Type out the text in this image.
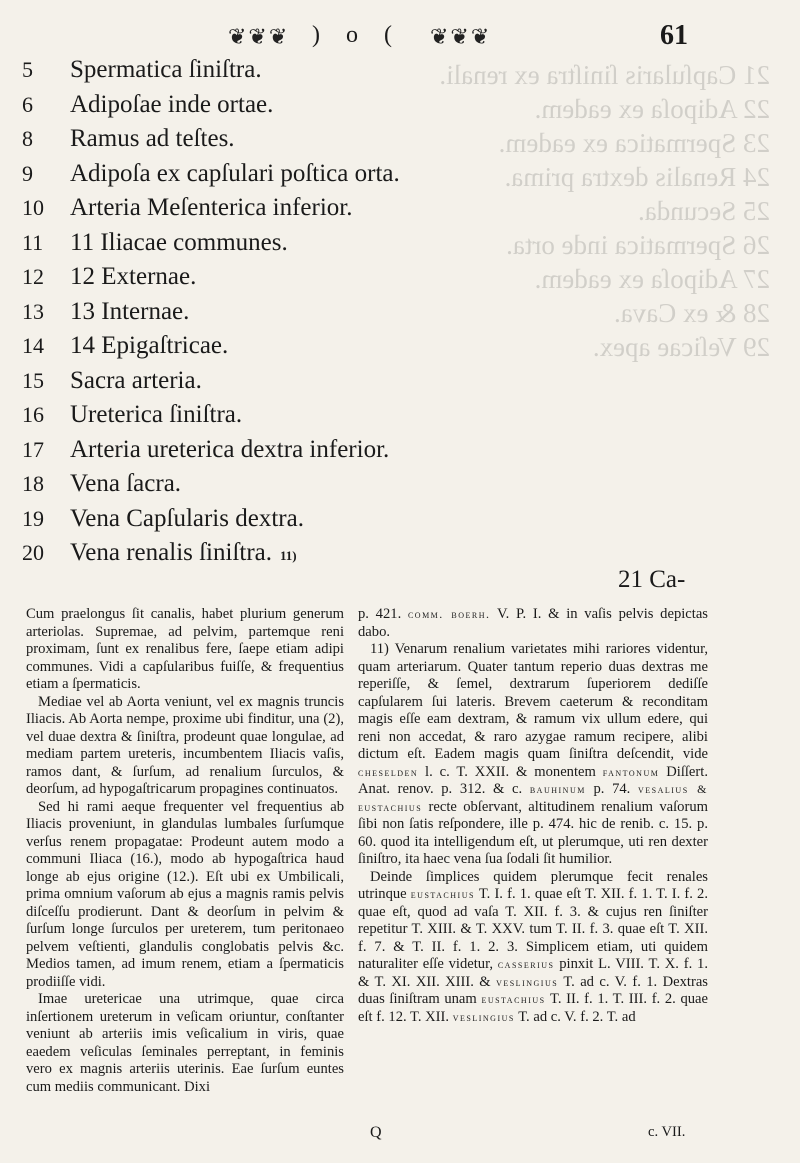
21 Capſularis ſiniſtra ex renali.
22 Adipoſa ex eadem.
23 Spermatica ex eadem.
24 Renalis dextra prima.
25 Secunda.
26 Spermatica inde orta.
27 Adipoſa ex eadem.
28 & ex Cava.
29 Veſicae apex.
❦❦❦ ) o ( ❦❦❦	61
5	Spermatica ſiniſtra.
6	Adipoſae inde ortae.
8	Ramus ad teſtes.
9	Adipoſa ex capſulari poſtica orta.
10	Arteria Meſenterica inferior.
11	11 Iliacae communes.
12	12 Externae.
13	13 Internae.
14	14 Epigaſtricae.
15	Sacra arteria.
16	Ureterica ſiniſtra.
17	Arteria ureterica dextra inferior.
18	Vena ſacra.
19	Vena Capſularis dextra.
20	Vena renalis ſiniſtra. 11)
21 Ca-

Cum praelongus ſit canalis, habet plurium generum arteriolas. Supremae, ad pelvim, partemque reni proximam, ſunt ex renalibus fere, ſaepe etiam adipi communes. Vidi a capſularibus fuiſſe, & frequentius etiam a ſpermaticis.

Mediae vel ab Aorta veniunt, vel ex magnis truncis Iliacis. Ab Aorta nempe, proxime ubi finditur, una (2), vel duae dextra & ſiniſtra, prodeunt quae longulae, ad mediam partem ureteris, incumbentem Iliacis vaſis, ramos dant, & ſurſum, ad renalium ſurculos, & deorſum, ad hypogaſtricarum propagines continuatos.

Sed hi rami aeque frequenter vel frequentius ab Iliacis proveniunt, in glandulas lumbales ſurſumque verſus renem propagatae: Prodeunt autem modo a communi Iliaca (16.), modo ab hypogaſtrica haud longe ab ejus origine (12.). Eſt ubi ex Umbilicali, prima omnium vaſorum ab ejus a magnis ramis pelvis diſceſſu prodierunt. Dant & deorſum in pelvim & ſurſum longe ſurculos per ureterem, tum peritonaeo pelvem veſtienti, glandulis conglobatis pelvis &c. Medios tamen, ad imum renem, etiam a ſpermaticis prodiiſſe vidi.

Imae uretericae una utrimque, quae circa inſertionem ureterum in veſicam oriuntur, conſtanter veniunt ab arteriis imis veſicalium in viris, quae eaedem veſiculas ſeminales perreptant, in feminis vero ex magnis arteriis uterinis. Eae ſurſum euntes cum mediis communicant. Dixi

p. 421. comm. boerh. V. P. I. & in vaſis pelvis depictas dabo.

11) Venarum renalium varietates mihi rariores videntur, quam arteriarum. Quater tantum reperio duas dextras me reperiſſe, & ſemel, dextrarum ſuperiorem dediſſe capſularem ſui lateris. Brevem caeterum & reconditam magis eſſe eam dextram, & ramum vix ullum edere, qui reni non accedat, & raro azygae ramum recipere, alibi dictum eſt. Eadem magis quam ſiniſtra deſcendit, vide cheselden l. c. T. XXII. & monentem fantonum Diſſert. Anat. renov. p. 312. & c. bauhinum p. 74. vesalius & eustachius recte obſervant, altitudinem renalium vaſorum ſibi non ſatis reſpondere, ille p. 474. hic de renib. c. 15. p. 60. quod ita intelligendum eſt, ut plerumque, uti ren dexter ſiniſtro, ita haec vena ſua ſodali ſit humilior.

Deinde ſimplices quidem plerumque fecit renales utrinque eustachius T. I. f. 1. quae eſt T. XII. f. 1. T. I. f. 2. quae eſt, quod ad vaſa T. XII. f. 3. & cujus ren ſiniſter repetitur T. XIII. & T. XXV. tum T. II. f. 3. quae eſt T. XII. f. 7. & T. II. f. 1. 2. 3. Simplicem etiam, uti quidem naturaliter eſſe videtur, casserius pinxit L. VIII. T. X. f. 1. & T. XI. XII. XIII. & veslingius T. ad c. V. f. 1. Dextras duas ſiniſtram unam eustachius T. II. f. 1. T. III. f. 2. quae eſt f. 12. T. XII. veslingius T. ad c. V. f. 2. T. ad

Q	c. VII.
